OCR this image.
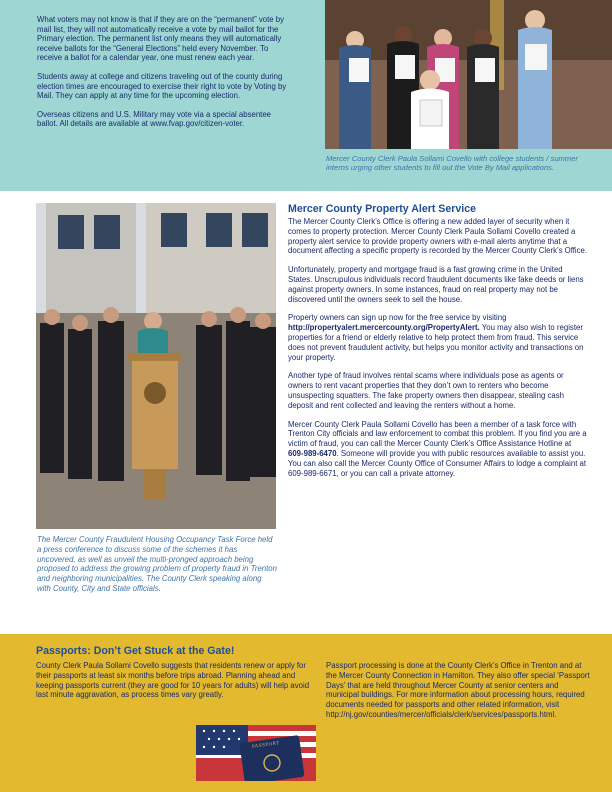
What voters may not know is that if they are on the “permanent” vote by mail list, they will not automatically receive a vote by mail ballot for the Primary election. The permanent list only means they will automatically receive ballots for the “General Elections” held every November. To receive a ballot for a calendar year, one must renew each year.

Students away at college and citizens traveling out of the county during election times are encouraged to exercise their right to vote by Voting by Mail. They can apply at any time for the upcoming election.

Overseas citizens and U.S. Military may vote via a special absentee ballot. All details are available at www.fvap.gov/citizen-voter.

Mercer County Clerk Paula Sollami Covello with college students / summer interns urging other students to fill out the Vote By Mail applications.
The Mercer County Fraudulent Housing Occupancy Task Force held a press conference to discuss some of the schemes it has uncovered, as well as unveil the multi-pronged approach being proposed to address the growing problem of property fraud in Trenton and neighboring municipalities. The County Clerk speaking along with County, City and State officials.
Mercer County Property Alert Service

The Mercer County Clerk’s Office is offering a new added layer of security when it comes to property protection. Mercer County Clerk Paula Sollami Covello created a property alert service to provide property owners with e-mail alerts anytime that a document affecting a specific property is recorded by the Mercer County Clerk’s Office.

Unfortunately, property and mortgage fraud is a fast growing crime in the United States. Unscrupulous individuals record fraudulent documents like fake deeds or liens against property owners. In some instances, fraud on real property may not be discovered until the owners seek to sell the house.

Property owners can sign up now for the free service by visiting http://propertyalert.mercercounty.org/PropertyAlert. You may also wish to register properties for a friend or elderly relative to help protect them from fraud. This service does not prevent fraudulent activity, but helps you monitor activity and transactions on your property.

Another type of fraud involves rental scams where individuals pose as agents or owners to rent vacant properties that they don’t own to renters who become unsuspecting squatters. The fake property owners then disappear, stealing cash deposit and rent collected and leaving the renters without a home.

Mercer County Clerk Paula Sollami Covello has been a member of a task force with Trenton City officials and law enforcement to combat this problem. If you find you are a victim of fraud, you can call the Mercer County Clerk’s Office Assistance Hotline at 609-989-6470. Someone will provide you with public resources available to assist you. You can also call the Mercer County Office of Consumer Affairs to lodge a complaint at 609-989-6671, or you can call a private attorney.

Passports: Don’t Get Stuck at the Gate!
County Clerk Paula Sollami Covello suggests that residents renew or apply for their passports at least six months before trips abroad. Planning ahead and keeping passports current (they are good for 10 years for adults) will help avoid last minute aggravation, as process times vary greatly.
Passport processing is done at the County Clerk’s Office in Trenton and at the Mercer County Connection in Hamilton. They also offer special ‘Passport Days’ that are held throughout Mercer County at senior centers and municipal buildings. For more information about processing hours, required documents needed for passports and other related information, visit http://nj.gov/counties/mercer/officials/clerk/services/passports.html.
PASSPORT
